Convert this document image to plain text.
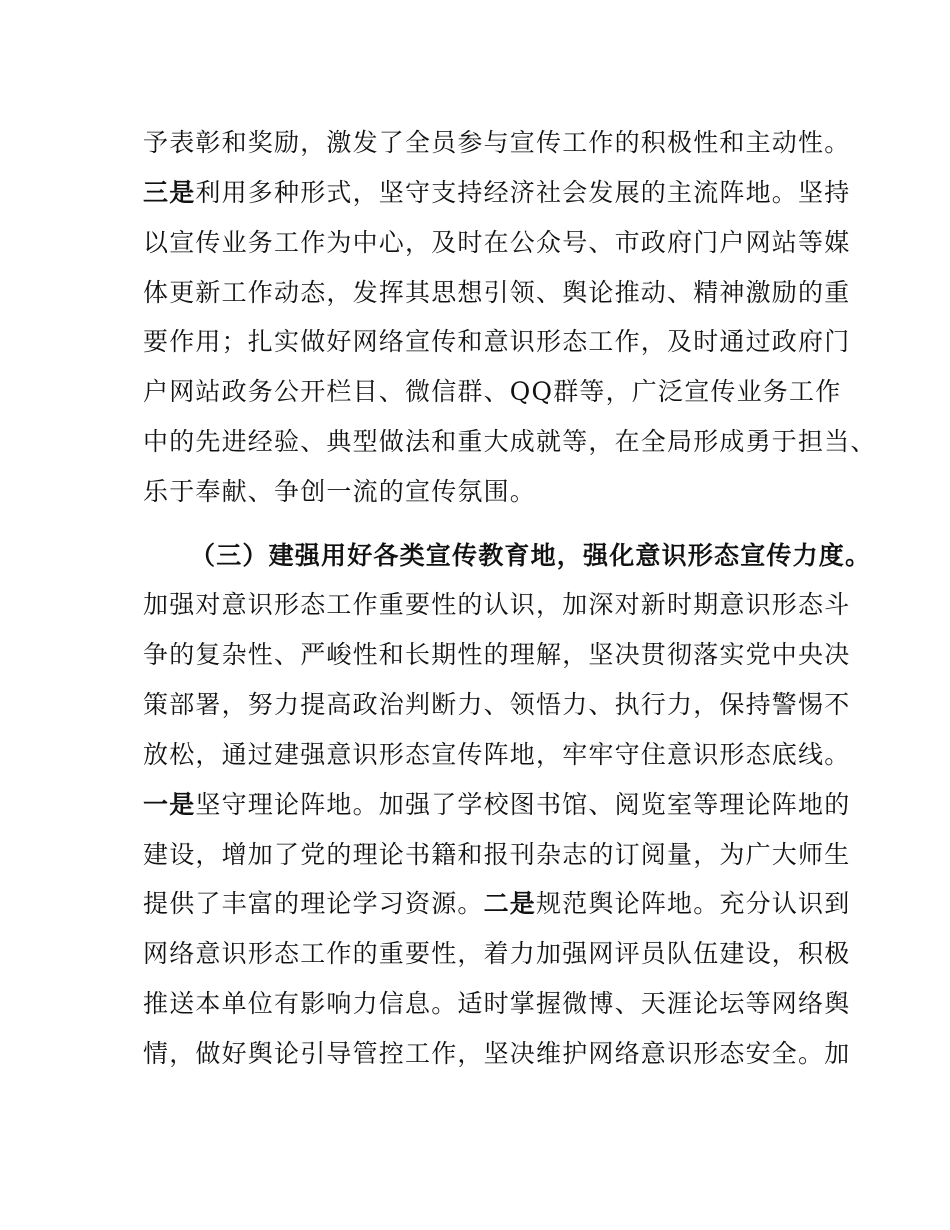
予表彰和奖励，激发了全员参与宣传工作的积极性和主动性。
三是利用多种形式，坚守支持经济社会发展的主流阵地。坚持
以宣传业务工作为中心，及时在公众号、市政府门户网站等媒
体更新工作动态，发挥其思想引领、舆论推动、精神激励的重
要作用；扎实做好网络宣传和意识形态工作，及时通过政府门
户网站政务公开栏目、微信群、QQ群等，广泛宣传业务工作
中的先进经验、典型做法和重大成就等，在全局形成勇于担当、
乐于奉献、争创一流的宣传氛围。
（三）建强用好各类宣传教育地，强化意识形态宣传力度。
加强对意识形态工作重要性的认识，加深对新时期意识形态斗
争的复杂性、严峻性和长期性的理解，坚决贯彻落实党中央决
策部署，努力提高政治判断力、领悟力、执行力，保持警惕不
放松，通过建强意识形态宣传阵地，牢牢守住意识形态底线。
一是坚守理论阵地。加强了学校图书馆、阅览室等理论阵地的
建设，增加了党的理论书籍和报刊杂志的订阅量，为广大师生
提供了丰富的理论学习资源。二是规范舆论阵地。充分认识到
网络意识形态工作的重要性，着力加强网评员队伍建设，积极
推送本单位有影响力信息。适时掌握微博、天涯论坛等网络舆
情，做好舆论引导管控工作，坚决维护网络意识形态安全。加
